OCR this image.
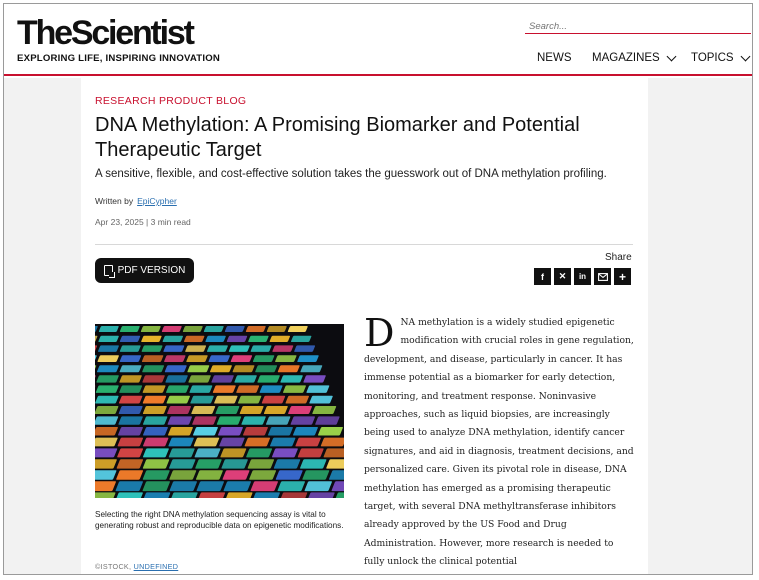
TheScientist
EXPLORING LIFE, INSPIRING INNOVATION
Search...	NEWS MAGAZINES	TOPICS
RESEARCH PRODUCT BLOG
DNA Methylation: A Promising Biomarker and Potential Therapeutic Target
A sensitive, flexible, and cost-effective solution takes the guesswork out of DNA methylation profiling.
Written by EpiCypher
Apr 23, 2025 | 3 min read
PDF VERSION
Share
f	✕	in	+
Selecting the right DNA methylation sequencing assay is vital to generating robust and reproducible data on epigenetic modifications.
©ISTOCK, UNDEFINED
DNA methylation is a widely studied epigenetic modification with crucial roles in gene regulation, development, and disease, particularly in cancer. It has immense potential as a biomarker for early detection, monitoring, and treatment response. Noninvasive approaches, such as liquid biopsies, are increasingly being used to analyze DNA methylation, identify cancer signatures, and aid in diagnosis, treatment decisions, and personalized care. Given its pivotal role in disease, DNA methylation has emerged as a promising therapeutic target, with several DNA methyltransferase inhibitors already approved by the US Food and Drug Administration. However, more research is needed to fully unlock the clinical potential
